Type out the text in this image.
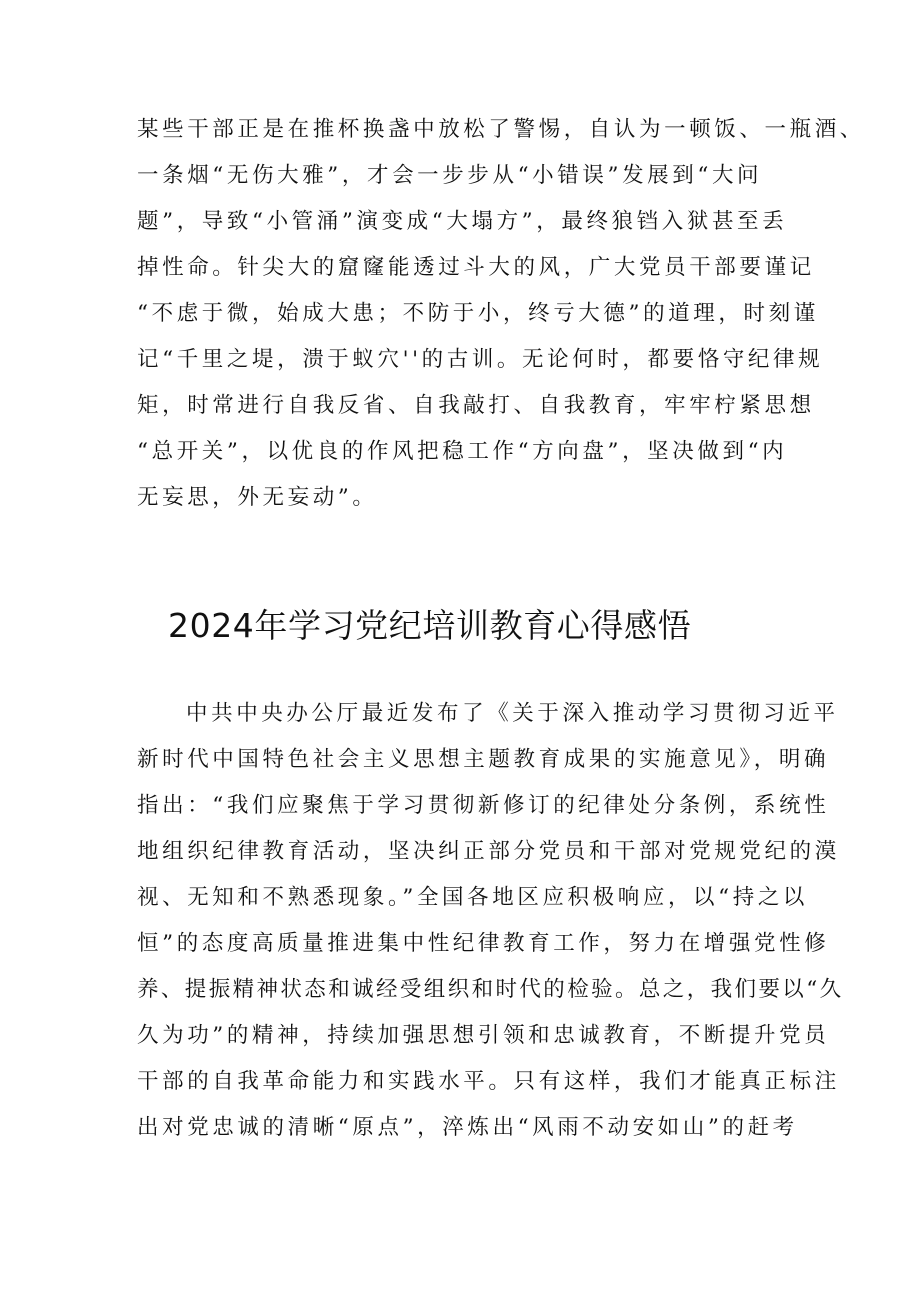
某些干部正是在推杯换盏中放松了警惕，自认为一顿饭、一瓶酒、
一条烟“无伤大雅”，才会一步步从“小错误”发展到“大问
题”，导致“小管涌”演变成“大塌方”，最终狼铛入狱甚至丢
掉性命。针尖大的窟窿能透过斗大的风，广大党员干部要谨记
“不虑于微，始成大患；不防于小，终亏大德”的道理，时刻谨
记“千里之堤，溃于蚁穴''的古训。无论何时，都要恪守纪律规
矩，时常进行自我反省、自我敲打、自我教育，牢牢柠紧思想
“总开关”，以优良的作风把稳工作“方向盘”，坚决做到“内
无妄思，外无妄动”。
2024年学习党纪培训教育心得感悟
中共中央办公厅最近发布了《关于深入推动学习贯彻习近平
新时代中国特色社会主义思想主题教育成果的实施意见》，明确
指出：“我们应聚焦于学习贯彻新修订的纪律处分条例，系统性
地组织纪律教育活动，坚决纠正部分党员和干部对党规党纪的漠
视、无知和不熟悉现象。”全国各地区应积极响应，以“持之以
恒”的态度高质量推进集中性纪律教育工作，努力在增强党性修
养、提振精神状态和诚经受组织和时代的检验。总之，我们要以“久
久为功”的精神，持续加强思想引领和忠诚教育，不断提升党员
干部的自我革命能力和实践水平。只有这样，我们才能真正标注
出对党忠诚的清晰“原点”，淬炼出“风雨不动安如山”的赶考
